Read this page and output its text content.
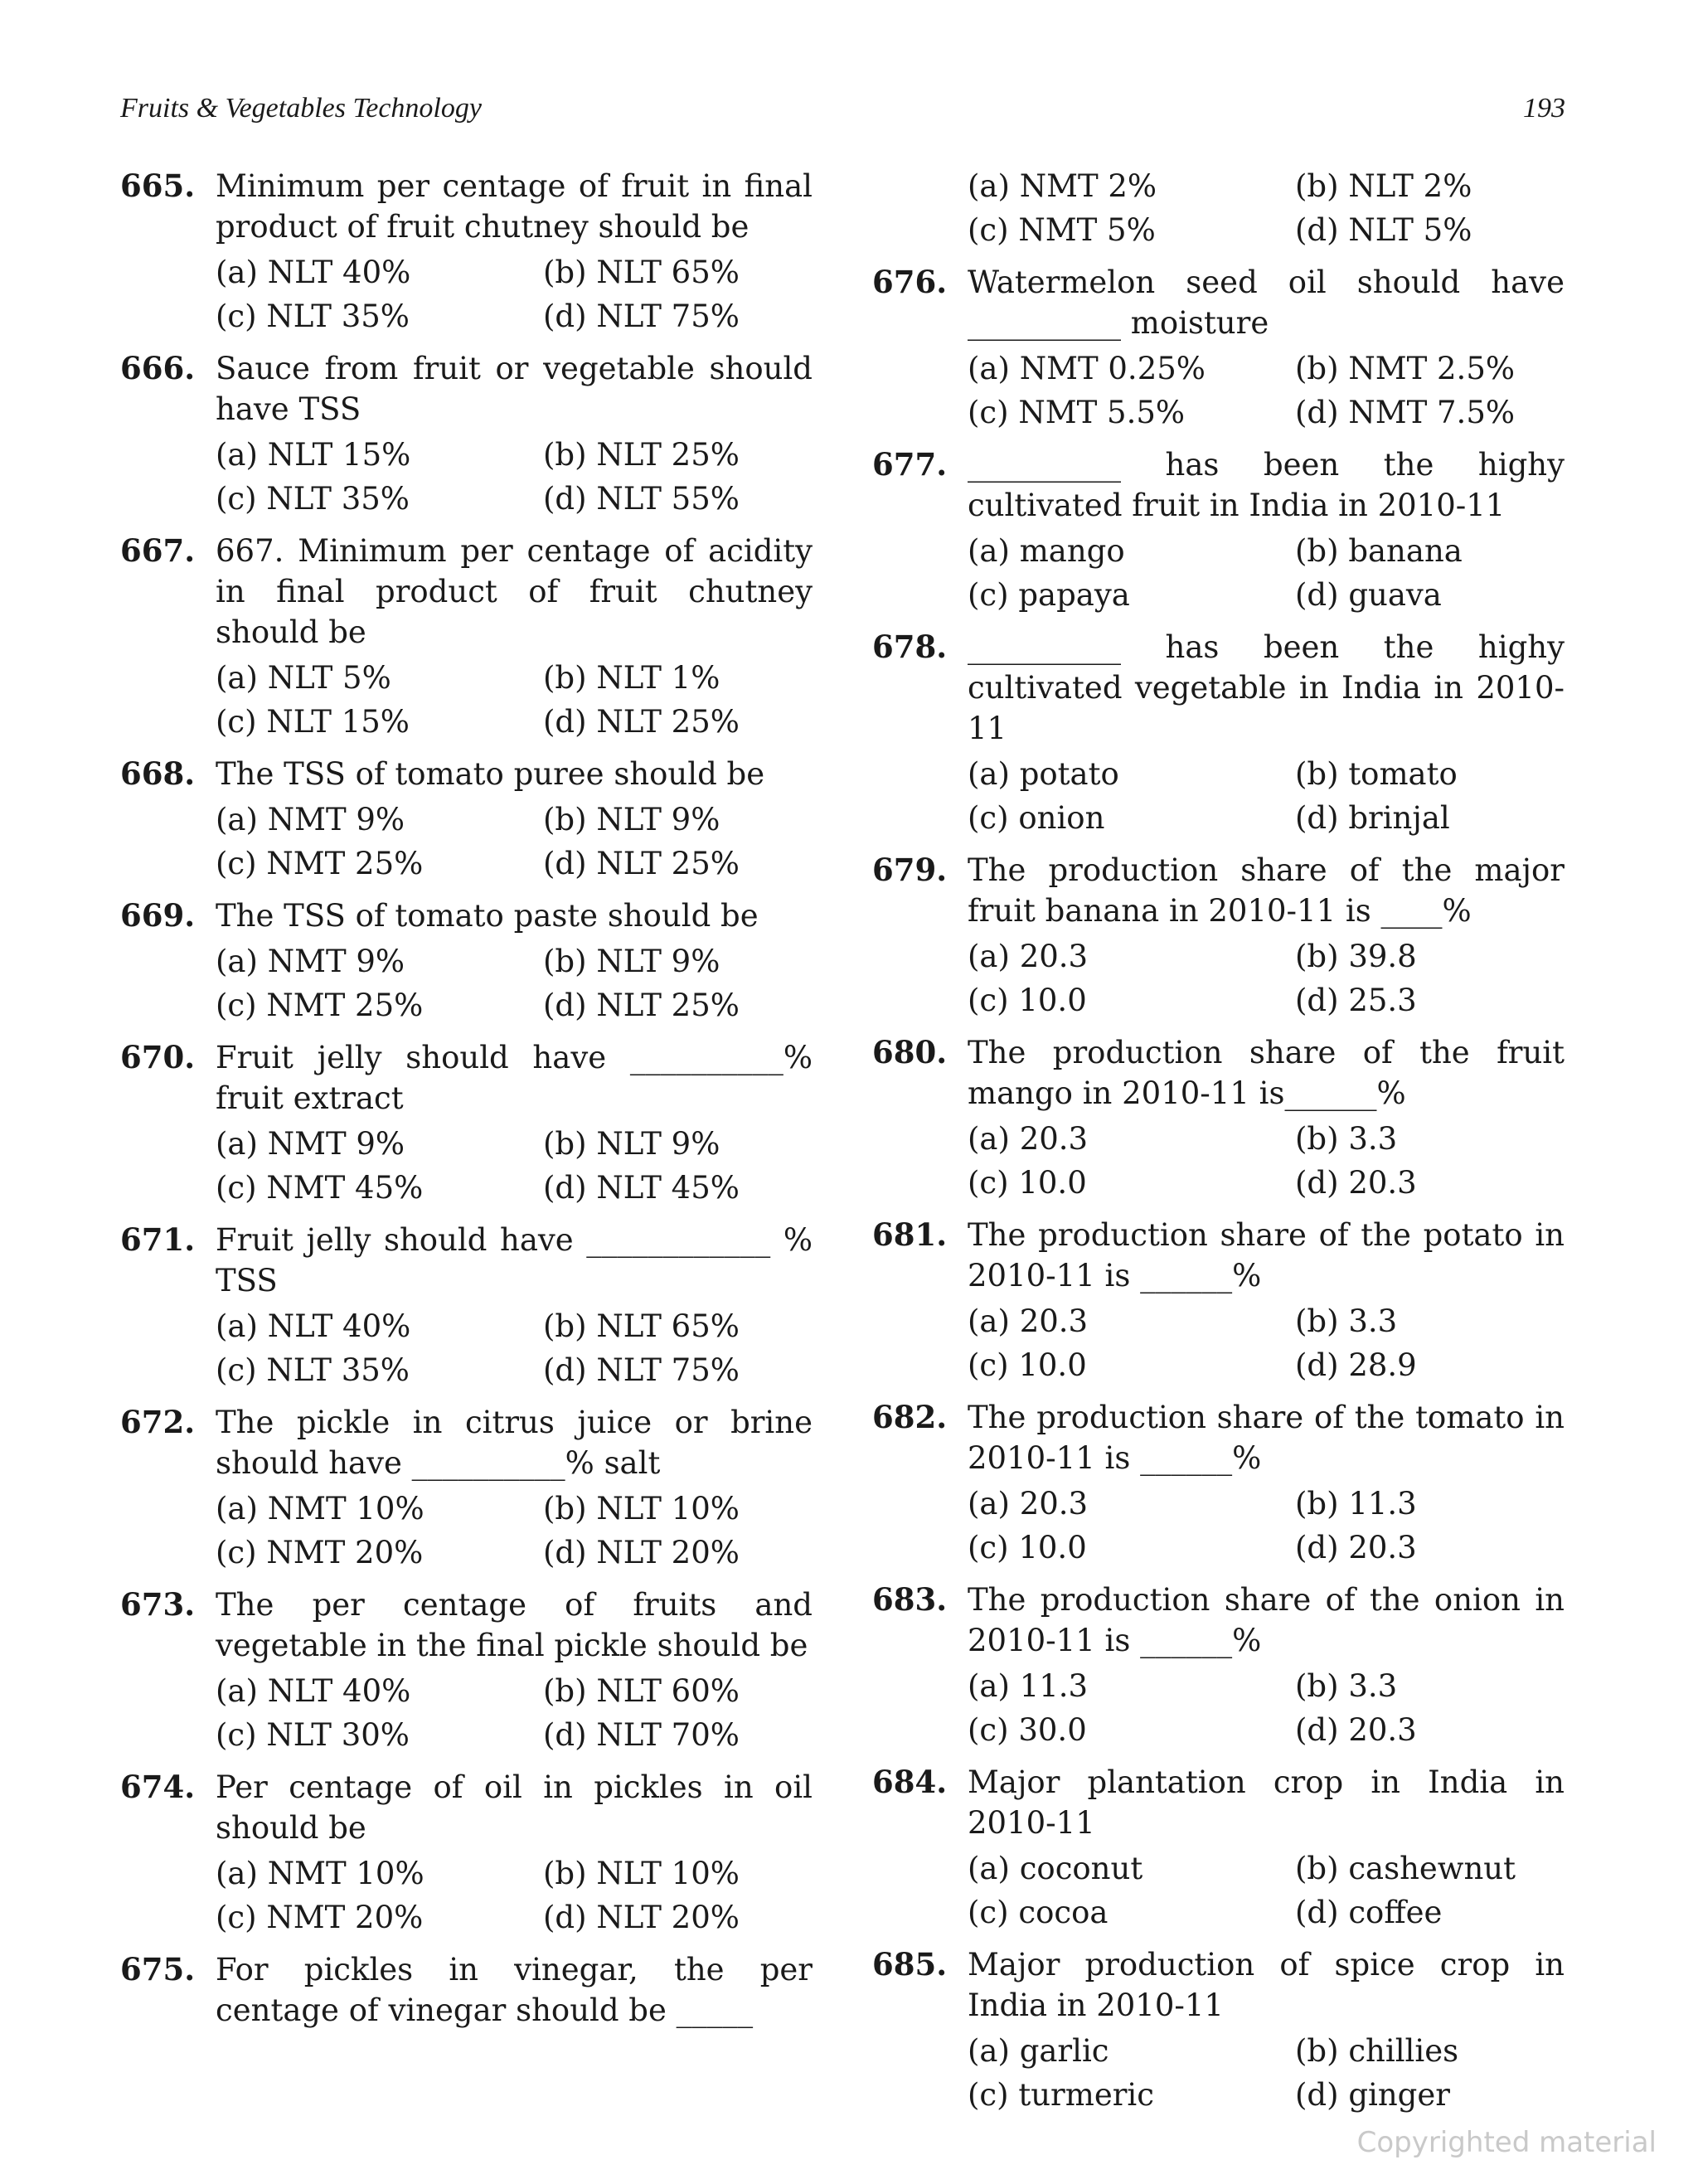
Fruits & Vegetables Technology	193
665. Minimum per centage of fruit in final product of fruit chutney should be
(a) NLT 40%	(b) NLT 65%
(c) NLT 35%	(d) NLT 75%
666. Sauce from fruit or vegetable should have TSS
(a) NLT 15%	(b) NLT 25%
(c) NLT 35%	(d) NLT 55%
667. 667. Minimum per centage of acidity in final product of fruit chutney should be
(a) NLT 5%	(b) NLT 1%
(c) NLT 15%	(d) NLT 25%
668. The TSS of tomato puree should be
(a) NMT 9%	(b) NLT 9%
(c) NMT 25%	(d) NLT 25%
669. The TSS of tomato paste should be
(a) NMT 9%	(b) NLT 9%
(c) NMT 25%	(d) NLT 25%
670. Fruit jelly should have __________% fruit extract
(a) NMT 9%	(b) NLT 9%
(c) NMT 45%	(d) NLT 45%
671. Fruit jelly should have ____________ % TSS
(a) NLT 40%	(b) NLT 65%
(c) NLT 35%	(d) NLT 75%
672. The pickle in citrus juice or brine should have __________% salt
(a) NMT 10%	(b) NLT 10%
(c) NMT 20%	(d) NLT 20%
673. The per centage of fruits and vegetable in the final pickle should be
(a) NLT 40%	(b) NLT 60%
(c) NLT 30%	(d) NLT 70%
674. Per centage of oil in pickles in oil should be
(a) NMT 10%	(b) NLT 10%
(c) NMT 20%	(d) NLT 20%
675. For pickles in vinegar, the per centage of vinegar should be _____
(a) NMT 2%	(b) NLT 2%
(c) NMT 5%	(d) NLT 5%
676. Watermelon seed oil should have __________ moisture
(a) NMT 0.25%	(b) NMT 2.5%
(c) NMT 5.5%	(d) NMT 7.5%
677. __________ has been the highy cultivated fruit in India in 2010-11
(a) mango	(b) banana
(c) papaya	(d) guava
678. __________ has been the highy cultivated vegetable in India in 2010-11
(a) potato	(b) tomato
(c) onion	(d) brinjal
679. The production share of the major fruit banana in 2010-11 is ____%
(a) 20.3	(b) 39.8
(c) 10.0	(d) 25.3
680. The production share of the fruit mango in 2010-11 is______%
(a) 20.3	(b) 3.3
(c) 10.0	(d) 20.3
681. The production share of the potato in 2010-11 is ______%
(a) 20.3	(b) 3.3
(c) 10.0	(d) 28.9
682. The production share of the tomato in 2010-11 is ______%
(a) 20.3	(b) 11.3
(c) 10.0	(d) 20.3
683. The production share of the onion in 2010-11 is ______%
(a) 11.3	(b) 3.3
(c) 30.0	(d) 20.3
684. Major plantation crop in India in 2010-11
(a) coconut	(b) cashewnut
(c) cocoa	(d) coffee
685. Major production of spice crop in India in 2010-11
(a) garlic	(b) chillies
(c) turmeric	(d) ginger
Copyrighted material
